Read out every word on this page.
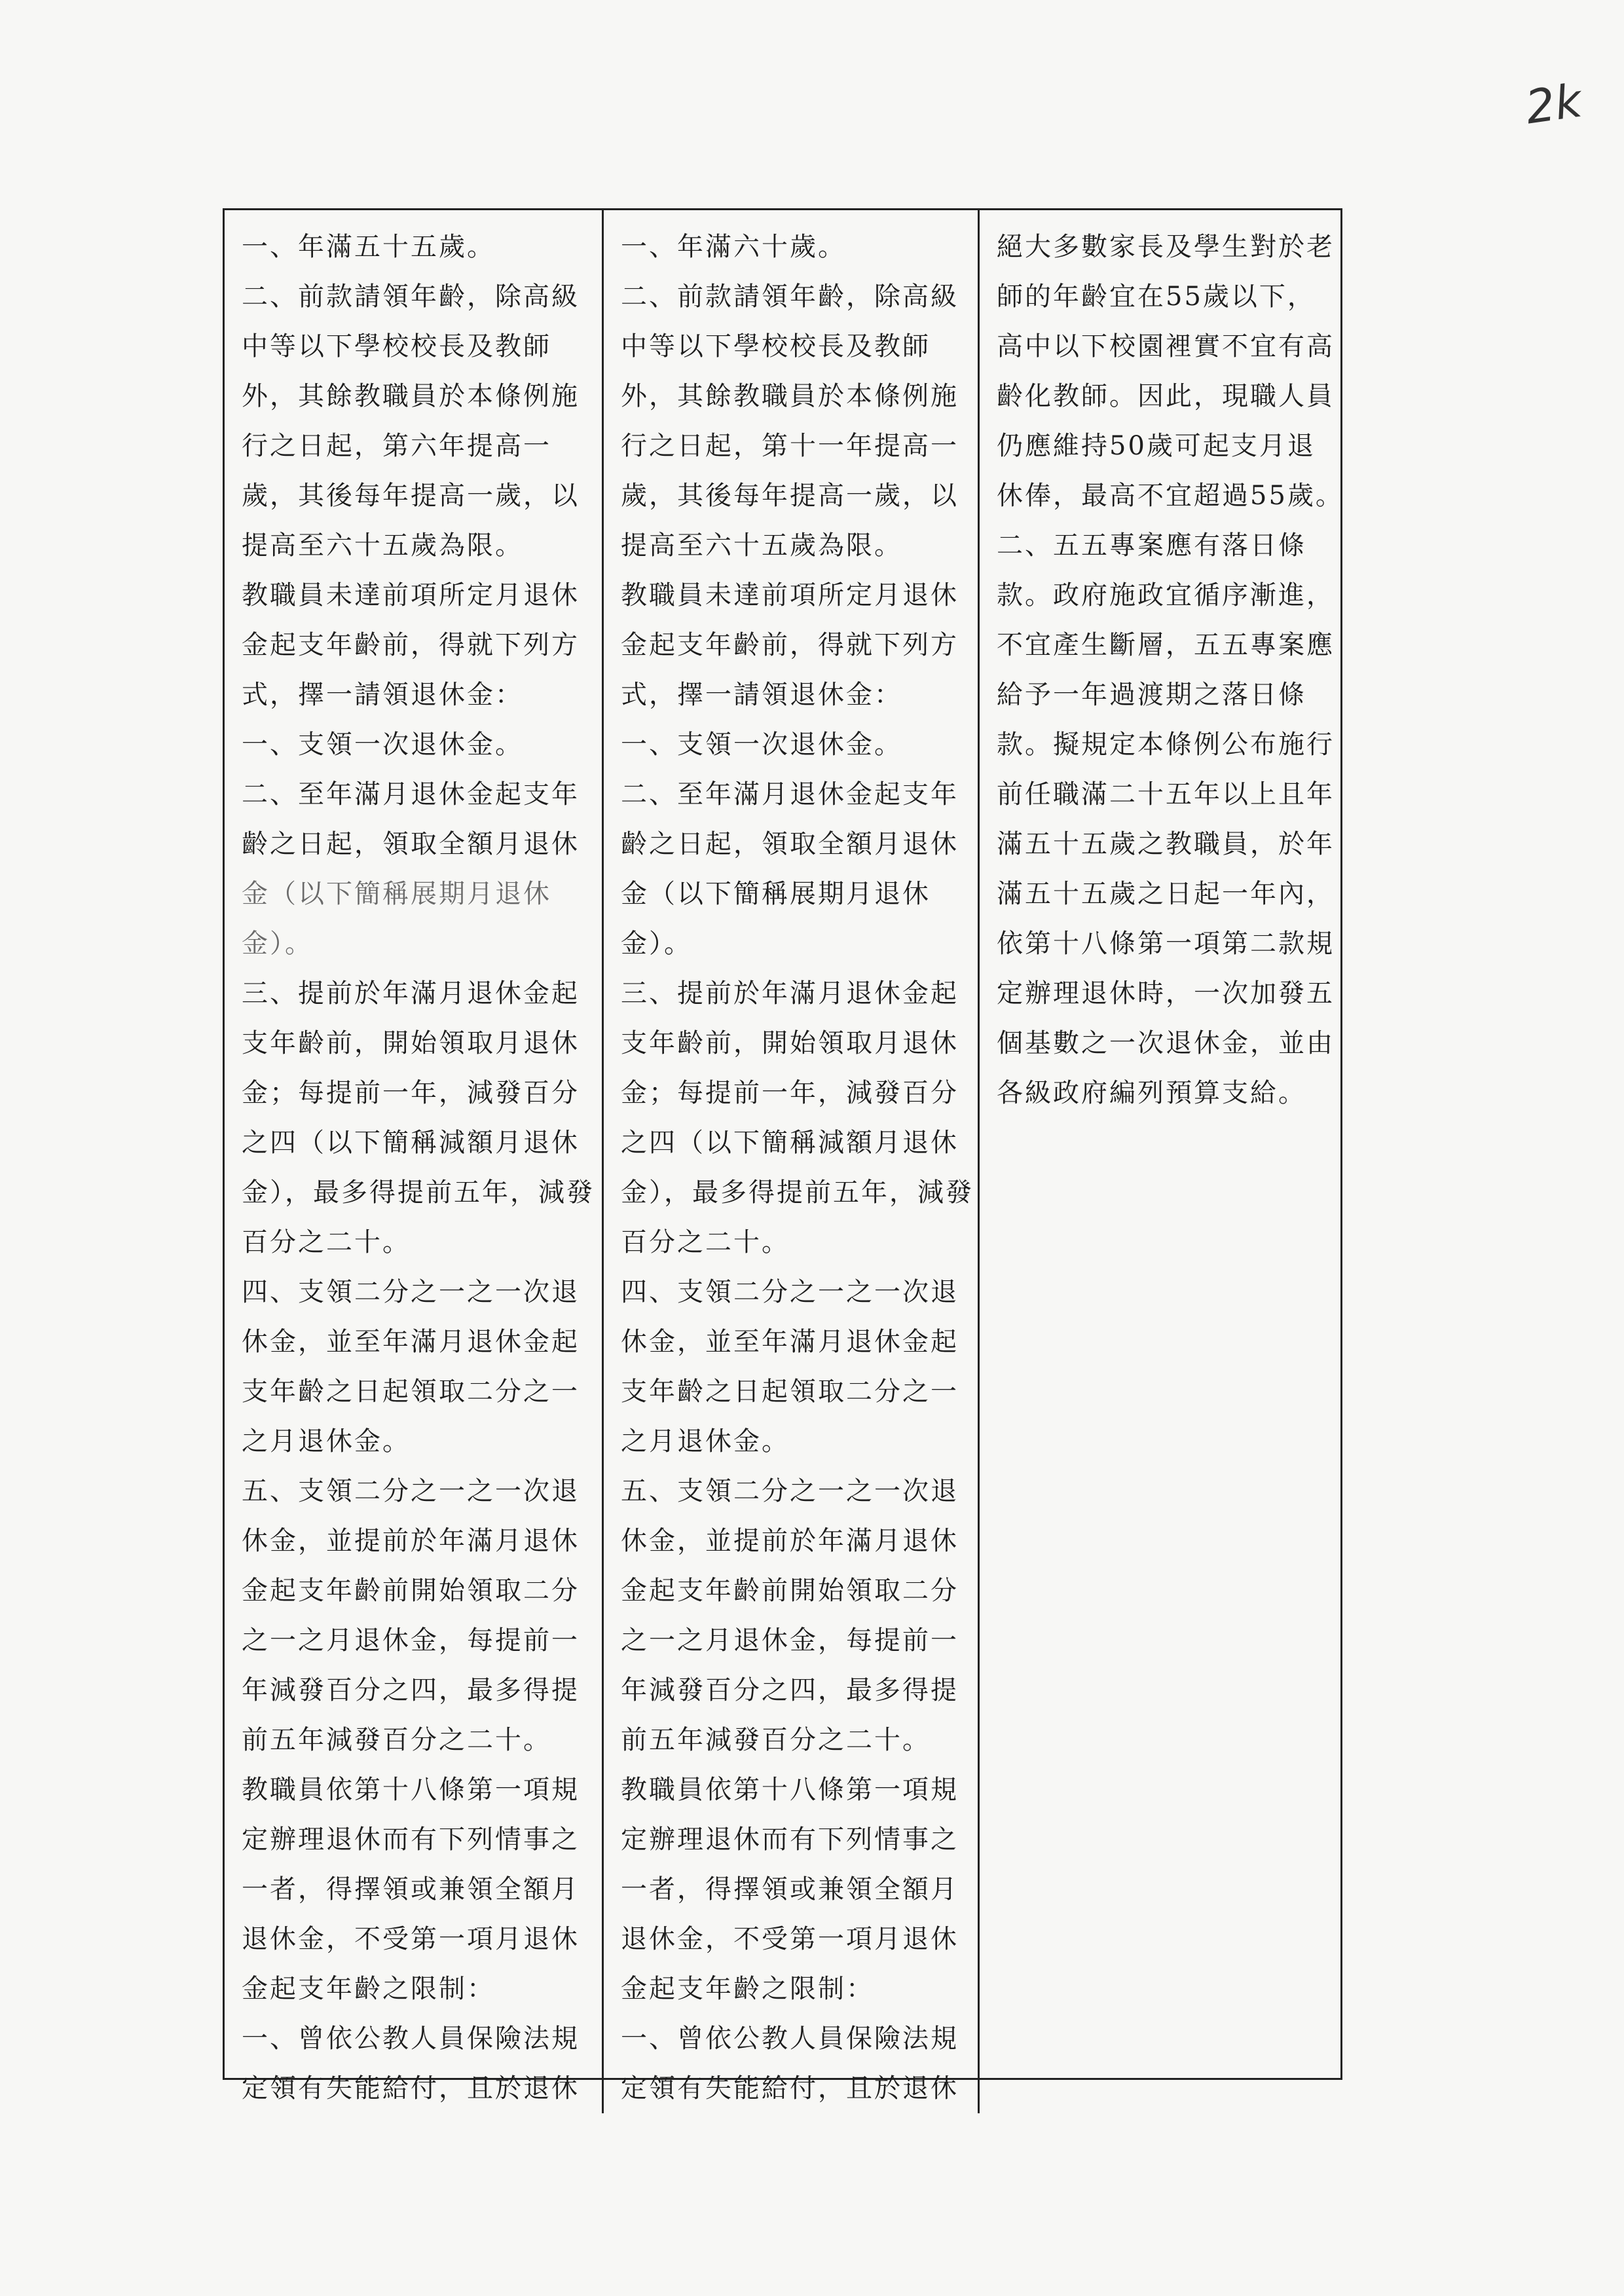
2k
一、年滿五十五歲。
二、前款請領年齡，除高級
中等以下學校校長及教師
外，其餘教職員於本條例施
行之日起，第六年提高一
歲，其後每年提高一歲，以
提高至六十五歲為限。
教職員未達前項所定月退休
金起支年齡前，得就下列方
式，擇一請領退休金：
一、支領一次退休金。
二、至年滿月退休金起支年
齡之日起，領取全額月退休
金（以下簡稱展期月退休
金）。
三、提前於年滿月退休金起
支年齡前，開始領取月退休
金；每提前一年，減發百分
之四（以下簡稱減額月退休
金），最多得提前五年，減發
百分之二十。
四、支領二分之一之一次退
休金，並至年滿月退休金起
支年齡之日起領取二分之一
之月退休金。
五、支領二分之一之一次退
休金，並提前於年滿月退休
金起支年齡前開始領取二分
之一之月退休金，每提前一
年減發百分之四，最多得提
前五年減發百分之二十。
教職員依第十八條第一項規
定辦理退休而有下列情事之
一者，得擇領或兼領全額月
退休金，不受第一項月退休
金起支年齡之限制：
一、曾依公教人員保險法規
定領有失能給付，且於退休
一、年滿六十歲。
二、前款請領年齡，除高級
中等以下學校校長及教師
外，其餘教職員於本條例施
行之日起，第十一年提高一
歲，其後每年提高一歲，以
提高至六十五歲為限。
教職員未達前項所定月退休
金起支年齡前，得就下列方
式，擇一請領退休金：
一、支領一次退休金。
二、至年滿月退休金起支年
齡之日起，領取全額月退休
金（以下簡稱展期月退休
金）。
三、提前於年滿月退休金起
支年齡前，開始領取月退休
金；每提前一年，減發百分
之四（以下簡稱減額月退休
金），最多得提前五年，減發
百分之二十。
四、支領二分之一之一次退
休金，並至年滿月退休金起
支年齡之日起領取二分之一
之月退休金。
五、支領二分之一之一次退
休金，並提前於年滿月退休
金起支年齡前開始領取二分
之一之月退休金，每提前一
年減發百分之四，最多得提
前五年減發百分之二十。
教職員依第十八條第一項規
定辦理退休而有下列情事之
一者，得擇領或兼領全額月
退休金，不受第一項月退休
金起支年齡之限制：
一、曾依公教人員保險法規
定領有失能給付，且於退休
絕大多數家長及學生對於老
師的年齡宜在55歲以下，
高中以下校園裡實不宜有高
齡化教師。因此，現職人員
仍應維持50歲可起支月退
休俸，最高不宜超過55歲。
二、五五專案應有落日條
款。政府施政宜循序漸進，
不宜產生斷層，五五專案應
給予一年過渡期之落日條
款。擬規定本條例公布施行
前任職滿二十五年以上且年
滿五十五歲之教職員，於年
滿五十五歲之日起一年內，
依第十八條第一項第二款規
定辦理退休時，一次加發五
個基數之一次退休金，並由
各級政府編列預算支給。
